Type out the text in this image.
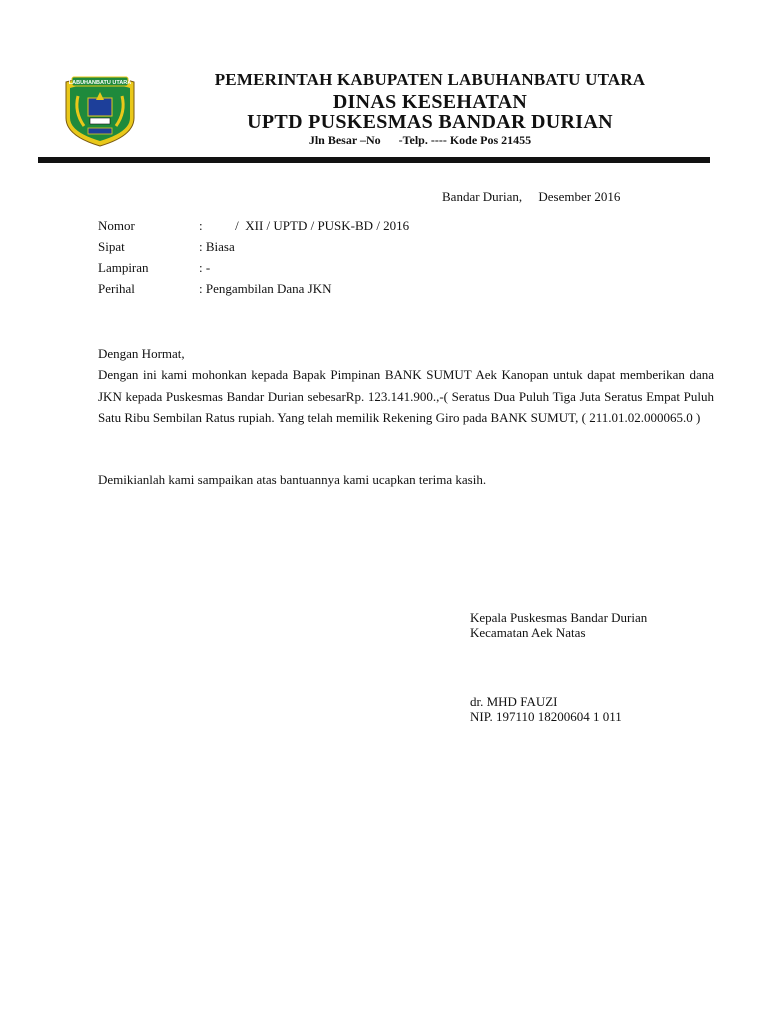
LABUHANBATU UTARA	PEMERINTAH KABUPATEN LABUHANBATU UTARA
DINAS KESEHATAN
UPTD PUSKESMAS BANDAR DURIAN
Jln Besar –No      -Telp. ---- Kode Pos 21455
Bandar Durian,     Desember 2016
Nomor	:          /  XII / UPTD / PUSK-BD / 2016
Sipat	: Biasa
Lampiran	: -
Perihal	: Pengambilan Dana JKN
Dengan Hormat,
Dengan ini kami mohonkan kepada Bapak Pimpinan BANK SUMUT Aek Kanopan untuk dapat memberikan dana JKN kepada Puskesmas Bandar Durian sebesarRp. 123.141.900.,-( Seratus Dua Puluh Tiga Juta Seratus Empat Puluh Satu Ribu Sembilan Ratus rupiah. Yang telah memilik Rekening Giro pada BANK SUMUT, ( 211.01.02.000065.0 )
Demikianlah kami sampaikan atas bantuannya kami ucapkan terima kasih.
Kepala Puskesmas Bandar Durian
Kecamatan Aek Natas
dr. MHD FAUZI
NIP. 197110 18200604 1 011
